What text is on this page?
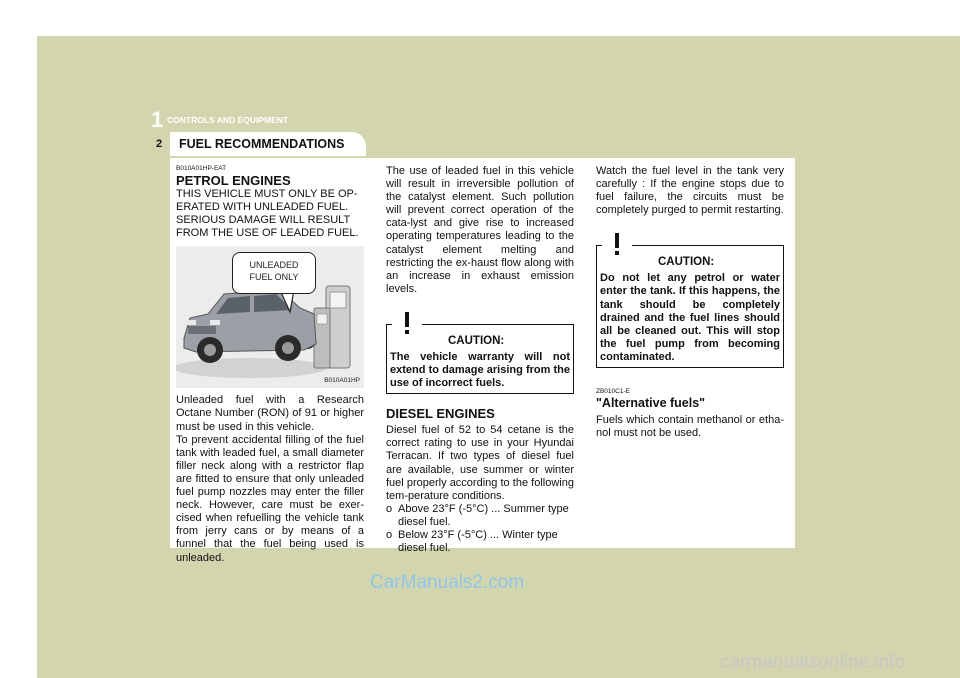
1 CONTROLS AND EQUIPMENT
2	FUEL RECOMMENDATIONS

B010A01HP-EAT

PETROL ENGINES

THIS VEHICLE MUST ONLY BE OP-
ERATED WITH UNLEADED FUEL.
SERIOUS DAMAGE WILL RESULT
FROM THE USE OF LEADED FUEL.

UNLEADED
FUEL ONLY
B010A01HP

Unleaded fuel with a Research Octane Number (RON) of 91 or higher must be used in this vehicle.
To prevent accidental filling of the fuel tank with leaded fuel, a small diameter filler neck along with a restrictor flap are fitted to ensure that only unleaded fuel pump nozzles may enter the filler neck. However, care must be exer-cised when refuelling the vehicle tank from jerry cans or by means of a funnel that the fuel being used is unleaded.

The use of leaded fuel in this vehicle will result in irreversible pollution of the catalyst element. Such pollution will prevent correct operation of the cata-lyst and give rise to increased operating temperatures leading to the catalyst element melting and restricting the ex-haust flow along with an increase in exhaust emission levels.

CAUTION:

The vehicle warranty will not extend to damage arising from the use of incorrect fuels.

DIESEL ENGINES

Diesel fuel of 52 to 54 cetane is the correct rating to use in your Hyundai Terracan. If two types of diesel fuel are available, use summer or winter fuel properly according to the following tem-perature conditions.

o Above 23°F (-5°C) ... Summer type diesel fuel.
o Below 23°F (-5°C) ... Winter type diesel fuel.

Watch the fuel level in the tank very carefully : If the engine stops due to fuel failure, the circuits must be completely purged to permit restarting.

CAUTION:

Do not let any petrol or water enter the tank. If this happens, the tank should be completely drained and the fuel lines should all be cleaned out. This will stop the fuel pump from becoming contaminated.

ZB010C1-E

"Alternative fuels"

Fuels which contain methanol or etha-nol must not be used.

CarManuals2.com
carmanualsonline.info
